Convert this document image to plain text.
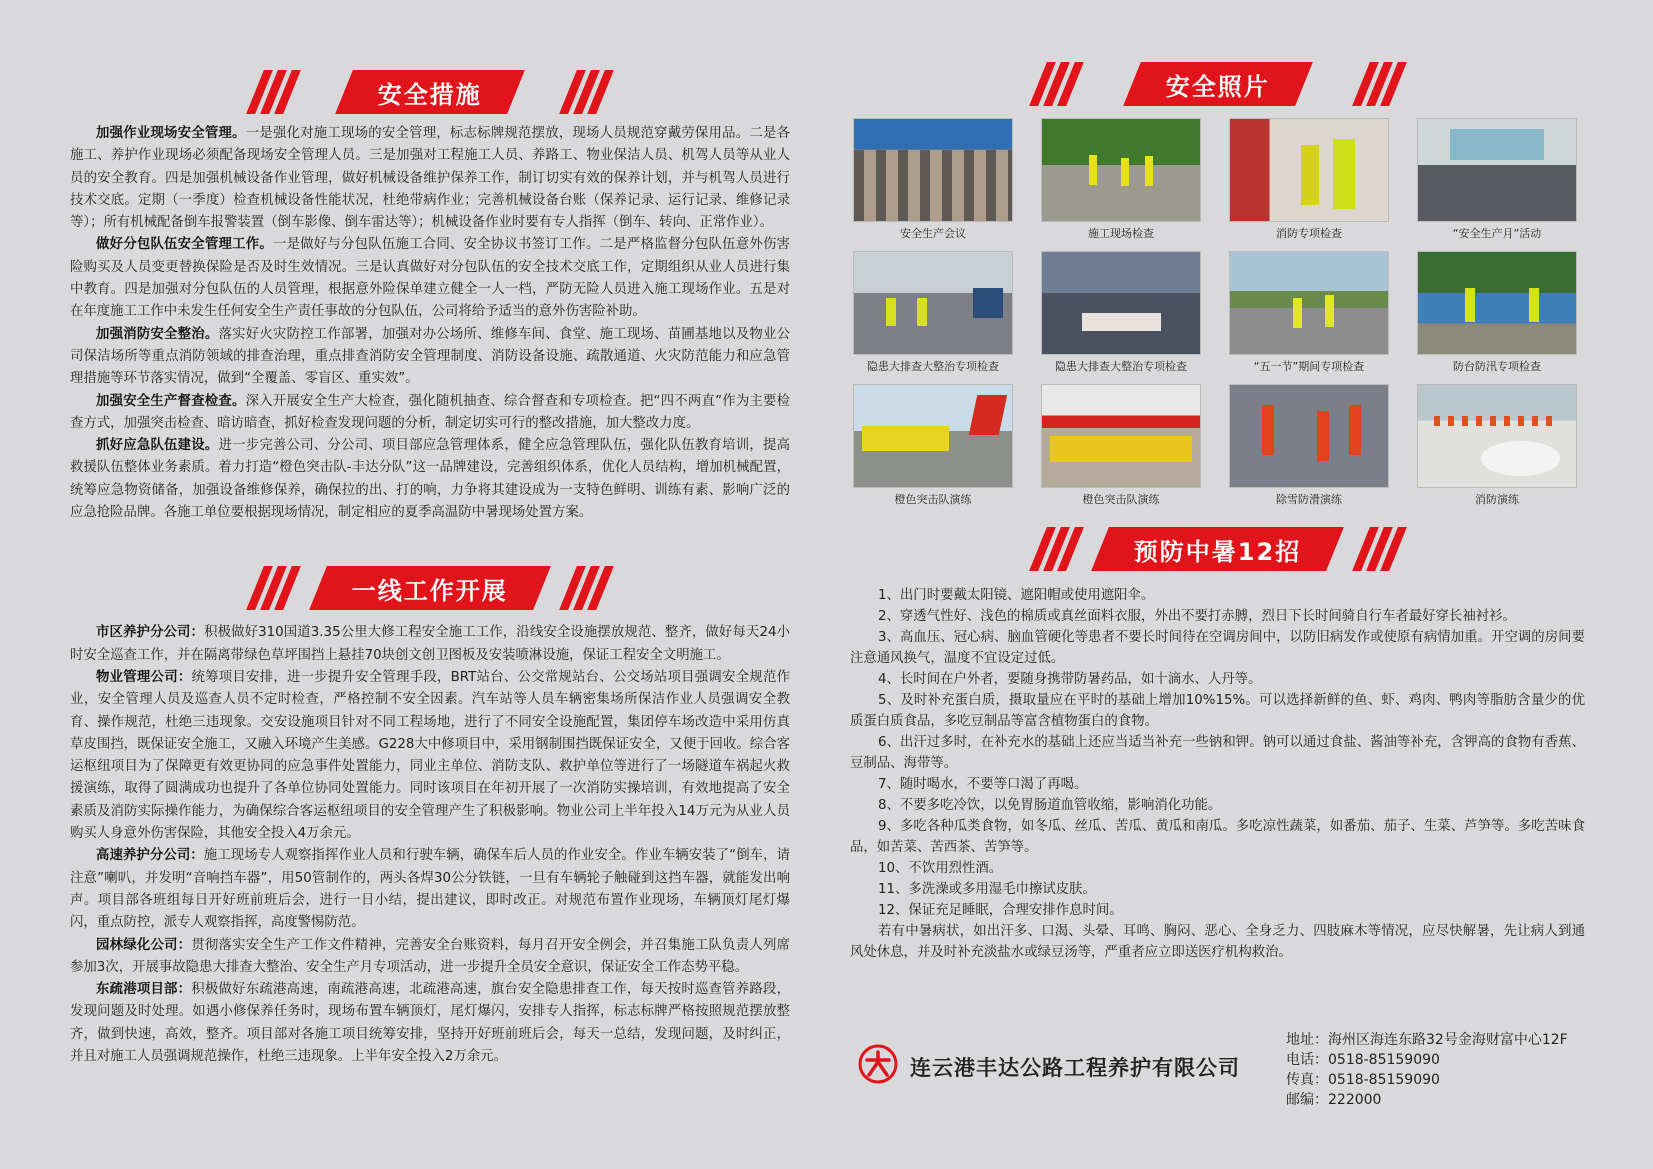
安全措施

加强作业现场安全管理。一是强化对施工现场的安全管理，标志标牌规范摆放，现场人员规范穿戴劳保用品。二是各施工、养护作业现场必须配备现场安全管理人员。三是加强对工程施工人员、养路工、物业保洁人员、机驾人员等从业人员的安全教育。四是加强机械设备作业管理，做好机械设备维护保养工作，制订切实有效的保养计划，并与机驾人员进行技术交底。定期（一季度）检查机械设备性能状况，杜绝带病作业；完善机械设备台账（保养记录、运行记录、维修记录等）；所有机械配备倒车报警装置（倒车影像、倒车雷达等）；机械设备作业时要有专人指挥（倒车、转向、正常作业）。

做好分包队伍安全管理工作。一是做好与分包队伍施工合同、安全协议书签订工作。二是严格监督分包队伍意外伤害险购买及人员变更替换保险是否及时生效情况。三是认真做好对分包队伍的安全技术交底工作，定期组织从业人员进行集中教育。四是加强对分包队伍的人员管理，根据意外险保单建立健全一人一档，严防无险人员进入施工现场作业。五是对在年度施工工作中未发生任何安全生产责任事故的分包队伍，公司将给予适当的意外伤害险补助。

加强消防安全整治。落实好火灾防控工作部署，加强对办公场所、维修车间、食堂、施工现场、苗圃基地以及物业公司保洁场所等重点消防领域的排查治理，重点排查消防安全管理制度、消防设备设施、疏散通道、火灾防范能力和应急管理措施等环节落实情况，做到“全覆盖、零盲区、重实效”。

加强安全生产督查检查。深入开展安全生产大检查，强化随机抽查、综合督查和专项检查。把“四不两直”作为主要检查方式，加强突击检查、暗访暗查，抓好检查发现问题的分析，制定切实可行的整改措施，加大整改力度。

抓好应急队伍建设。进一步完善公司、分公司、项目部应急管理体系，健全应急管理队伍，强化队伍教育培训，提高救援队伍整体业务素质。着力打造“橙色突击队-丰达分队”这一品牌建设，完善组织体系，优化人员结构，增加机械配置，统筹应急物资储备，加强设备维修保养，确保拉的出、打的响，力争将其建设成为一支特色鲜明、训练有素、影响广泛的应急抢险品牌。各施工单位要根据现场情况，制定相应的夏季高温防中暑现场处置方案。

一线工作开展

市区养护分公司：积极做好310国道3.35公里大修工程安全施工工作，沿线安全设施摆放规范、整齐，做好每天24小时安全巡查工作，并在隔离带绿色草坪围挡上悬挂70块创文创卫图板及安装喷淋设施，保证工程安全文明施工。

物业管理公司：统筹项目安排，进一步提升安全管理手段，BRT站台、公交常规站台、公交场站项目强调安全规范作业，安全管理人员及巡查人员不定时检查，严格控制不安全因素。汽车站等人员车辆密集场所保洁作业人员强调安全教育、操作规范，杜绝三违现象。交安设施项目针对不同工程场地，进行了不同安全设施配置，集团停车场改造中采用仿真草皮围挡，既保证安全施工，又融入环境产生美感。G228大中修项目中，采用钢制围挡既保证安全，又便于回收。综合客运枢纽项目为了保障更有效更协同的应急事件处置能力，同业主单位、消防支队、救护单位等进行了一场隧道车祸起火救援演练，取得了圆满成功也提升了各单位协同处置能力。同时该项目在年初开展了一次消防实操培训，有效地提高了安全素质及消防实际操作能力，为确保综合客运枢纽项目的安全管理产生了积极影响。物业公司上半年投入14万元为从业人员购买人身意外伤害保险，其他安全投入4万余元。

高速养护分公司：施工现场专人观察指挥作业人员和行驶车辆，确保车后人员的作业安全。作业车辆安装了“倒车，请注意”喇叭，并发明“音响挡车器”，用50管制作的，两头各焊30公分铁链，一旦有车辆轮子触碰到这挡车器，就能发出响声。项目部各班组每日开好班前班后会，进行一日小结，提出建议，即时改正。对规范布置作业现场，车辆顶灯尾灯爆闪，重点防控，派专人观察指挥，高度警惕防范。

园林绿化公司：贯彻落实安全生产工作文件精神，完善安全台账资料，每月召开安全例会，并召集施工队负责人列席参加3次，开展事故隐患大排查大整治、安全生产月专项活动，进一步提升全员安全意识，保证安全工作态势平稳。

东疏港项目部：积极做好东疏港高速，南疏港高速，北疏港高速，旗台安全隐患排查工作，每天按时巡查管养路段，发现问题及时处理。如遇小修保养任务时，现场布置车辆顶灯，尾灯爆闪，安排专人指挥，标志标牌严格按照规范摆放整齐，做到快速，高效，整齐。项目部对各施工项目统筹安排，坚持开好班前班后会，每天一总结，发现问题，及时纠正，并且对施工人员强调规范操作，杜绝三违现象。上半年安全投入2万余元。

安全照片
安全生产会议	施工现场检查	消防专项检查	“安全生产月”活动
隐患大排查大整治专项检查	隐患大排查大整治专项检查	“五一节”期间专项检查	防台防汛专项检查
橙色突击队演练	橙色突击队演练	除雪防滑演练	消防演练
预防中暑12招

1、出门时要戴太阳镜、遮阳帽或使用遮阳伞。

2、穿透气性好、浅色的棉质或真丝面料衣服，外出不要打赤膊，烈日下长时间骑自行车者最好穿长袖衬衫。

3、高血压、冠心病、脑血管硬化等患者不要长时间待在空调房间中，以防旧病发作或使原有病情加重。开空调的房间要注意通风换气，温度不宜设定过低。

4、长时间在户外者，要随身携带防暑药品，如十滴水、人丹等。

5、及时补充蛋白质，摄取量应在平时的基础上增加10%15%。可以选择新鲜的鱼、虾、鸡肉、鸭肉等脂肪含量少的优质蛋白质食品，多吃豆制品等富含植物蛋白的食物。

6、出汗过多时，在补充水的基础上还应当适当补充一些钠和钾。钠可以通过食盐、酱油等补充，含钾高的食物有香蕉、豆制品、海带等。

7、随时喝水，不要等口渴了再喝。

8、不要多吃冷饮，以免胃肠道血管收缩，影响消化功能。

9、多吃各种瓜类食物，如冬瓜、丝瓜、苦瓜、黄瓜和南瓜。多吃凉性蔬菜，如番茄、茄子、生菜、芦笋等。多吃苦味食品，如苦菜、苦西茶、苦笋等。

10、不饮用烈性酒。

11、多洗澡或多用湿毛巾擦试皮肤。

12、保证充足睡眠，合理安排作息时间。

若有中暑病状，如出汗多、口渴、头晕、耳鸣、胸闷、恶心、全身乏力、四肢麻木等情况，应尽快解暑，先让病人到通风处休息，并及时补充淡盐水或绿豆汤等，严重者应立即送医疗机构救治。

连云港丰达公路工程养护有限公司
地址：海州区海连东路32号金海财富中心12F
电话：0518-85159090
传真：0518-85159090
邮编：222000
